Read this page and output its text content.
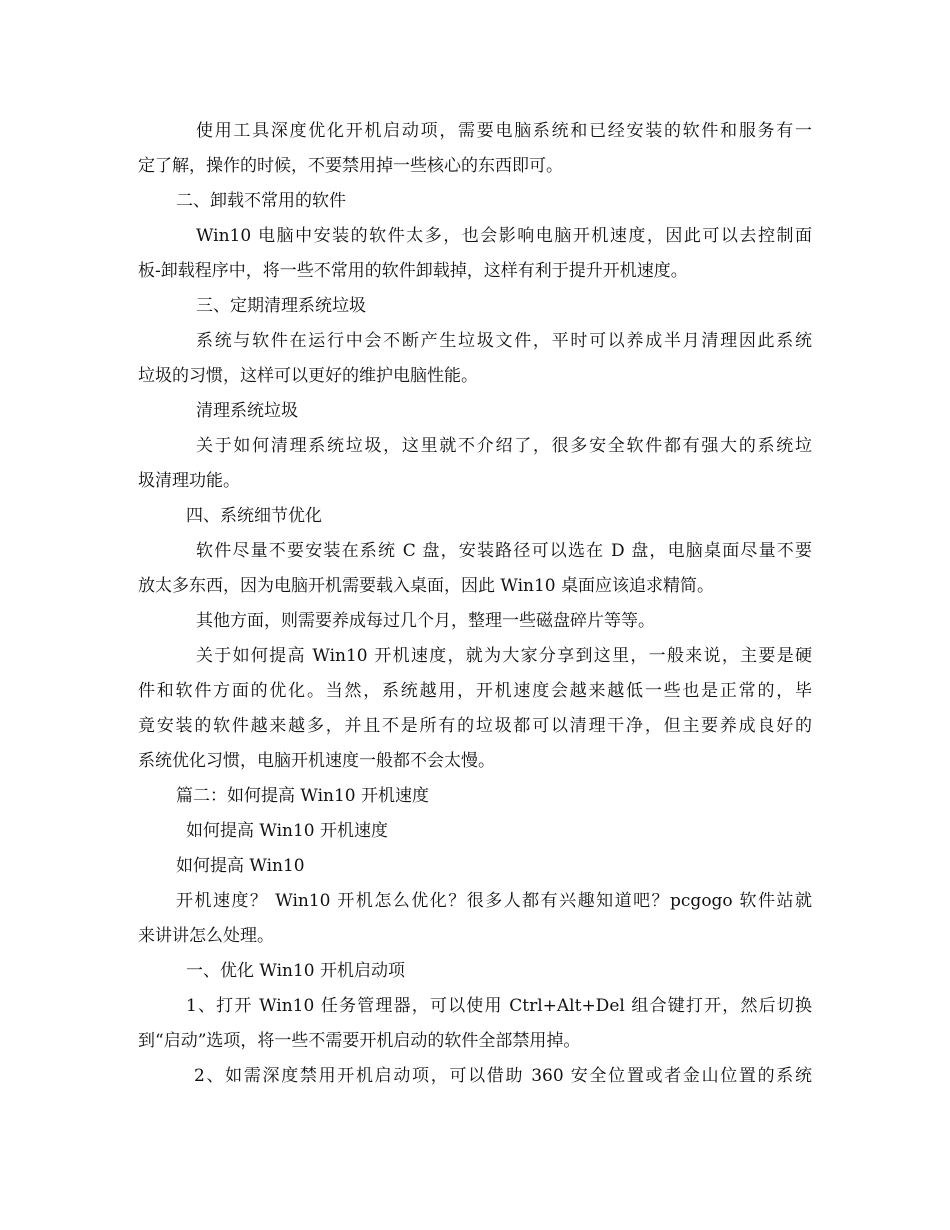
使用工具深度优化开机启动项，需要电脑系统和已经安装的软件和服务有一
定了解，操作的时候，不要禁用掉一些核心的东西即可。
二、卸载不常用的软件
Win10 电脑中安装的软件太多，也会影响电脑开机速度，因此可以去控制面
板-卸载程序中，将一些不常用的软件卸载掉，这样有利于提升开机速度。
三、定期清理系统垃圾
系统与软件在运行中会不断产生垃圾文件，平时可以养成半月清理因此系统
垃圾的习惯，这样可以更好的维护电脑性能。
清理系统垃圾
关于如何清理系统垃圾，这里就不介绍了，很多安全软件都有强大的系统垃
圾清理功能。
四、系统细节优化
软件尽量不要安装在系统 C 盘，安装路径可以选在 D 盘，电脑桌面尽量不要
放太多东西，因为电脑开机需要载入桌面，因此 Win10 桌面应该追求精简。
其他方面，则需要养成每过几个月，整理一些磁盘碎片等等。
关于如何提高 Win10 开机速度，就为大家分享到这里，一般来说，主要是硬
件和软件方面的优化。当然，系统越用，开机速度会越来越低一些也是正常的，毕
竟安装的软件越来越多，并且不是所有的垃圾都可以清理干净，但主要养成良好的
系统优化习惯，电脑开机速度一般都不会太慢。
篇二：如何提高 Win10 开机速度
如何提高 Win10 开机速度
如何提高 Win10
开机速度？ Win10 开机怎么优化？很多人都有兴趣知道吧？pcgogo 软件站就
来讲讲怎么处理。
一、优化 Win10 开机启动项
1、打开 Win10 任务管理器，可以使用 Ctrl+Alt+Del 组合键打开，然后切换
到“启动”选项，将一些不需要开机启动的软件全部禁用掉。
2、如需深度禁用开机启动项，可以借助 360 安全位置或者金山位置的系统
